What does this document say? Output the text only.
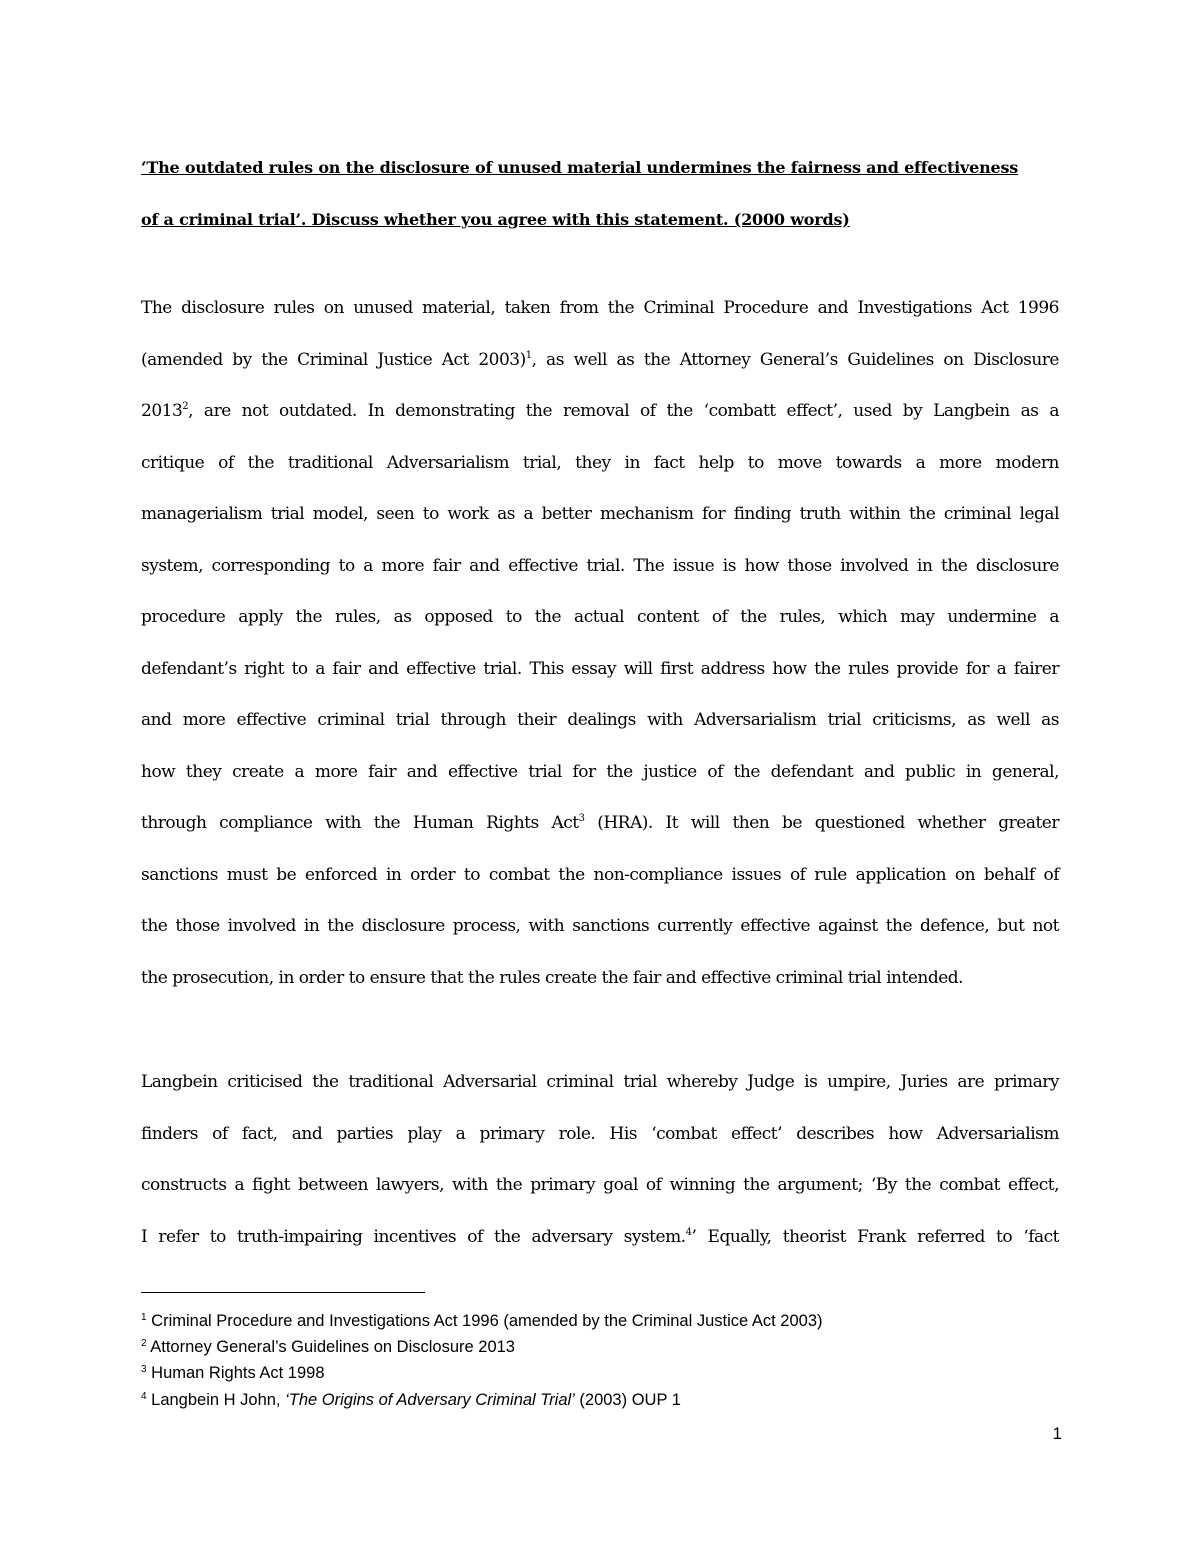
‘The outdated rules on the disclosure of unused material undermines the fairness and effectiveness
of a criminal trial’. Discuss whether you agree with this statement. (2000 words)
The disclosure rules on unused material, taken from the Criminal Procedure and Investigations Act 1996
(amended by the Criminal Justice Act 2003)$^1$, as well as the Attorney General’s Guidelines on Disclosure
2013$^2$, are not outdated. In demonstrating the removal of the ‘combatt effect’, used by Langbein as a
critique of the traditional Adversarialism trial, they in fact help to move towards a more modern
managerialism trial model, seen to work as a better mechanism for finding truth within the criminal legal
system, corresponding to a more fair and effective trial. The issue is how those involved in the disclosure
procedure apply the rules, as opposed to the actual content of the rules, which may undermine a
defendant’s right to a fair and effective trial. This essay will first address how the rules provide for a fairer
and more effective criminal trial through their dealings with Adversarialism trial criticisms, as well as
how they create a more fair and effective trial for the justice of the defendant and public in general,
through compliance with the Human Rights Act$^3$ (HRA). It will then be questioned whether greater
sanctions must be enforced in order to combat the non-compliance issues of rule application on behalf of
the those involved in the disclosure process, with sanctions currently effective against the defence, but not
the prosecution, in order to ensure that the rules create the fair and effective criminal trial intended.
Langbein criticised the traditional Adversarial criminal trial whereby Judge is umpire, Juries are primary
finders of fact, and parties play a primary role. His ‘combat effect’ describes how Adversarialism
constructs a fight between lawyers, with the primary goal of winning the argument; ‘By the combat effect,
I refer to truth-impairing incentives of the adversary system.$^4$’ Equally, theorist Frank referred to ‘fact
$^1$ Criminal Procedure and Investigations Act 1996 (amended by the Criminal Justice Act 2003)
$^2$ Attorney General’s Guidelines on Disclosure 2013
$^3$ Human Rights Act 1998
$^4$ Langbein H John, ‘The Origins of Adversary Criminal Trial’ (2003) OUP 1
1
